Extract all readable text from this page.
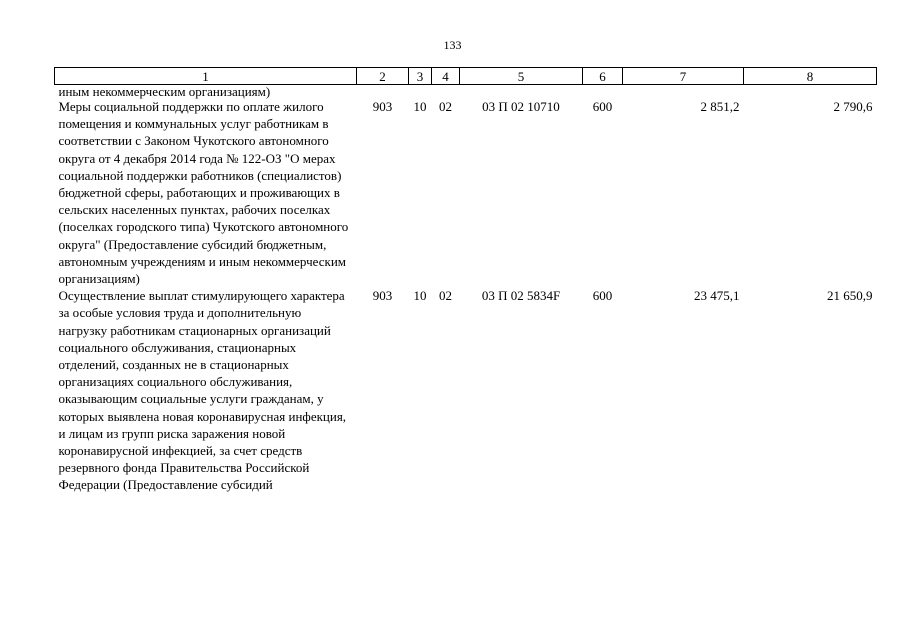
133
1	2	3	4	5	6	7	8
иным некоммерческим организациям)							
Меры социальной поддержки по оплате жилого помещения и коммунальных услуг работникам в соответствии с Законом Чукотского автономного округа от 4 декабря 2014 года № 122-ОЗ "О мерах социальной поддержки работников (специалистов) бюджетной сферы, работающих и проживающих в сельских населенных пунктах, рабочих поселках (поселках городского типа) Чукотского автономного округа" (Предоставление субсидий бюджетным, автономным учреждениям и иным некоммерческим организациям)	903	10	02	03 П 02 10710	600	2 851,2	2 790,6
Осуществление выплат стимулирующего характера за особые условия труда и дополнительную нагрузку работникам стационарных организаций социального обслуживания, стационарных отделений, созданных не в стационарных организациях социального обслуживания, оказывающим социальные услуги гражданам, у которых выявлена новая коронавирусная инфекция, и лицам из групп риска заражения новой коронавирусной инфекцией, за счет средств резервного фонда Правительства Российской Федерации (Предоставление субсидий	903	10	02	03 П 02 5834F	600	23 475,1	21 650,9
